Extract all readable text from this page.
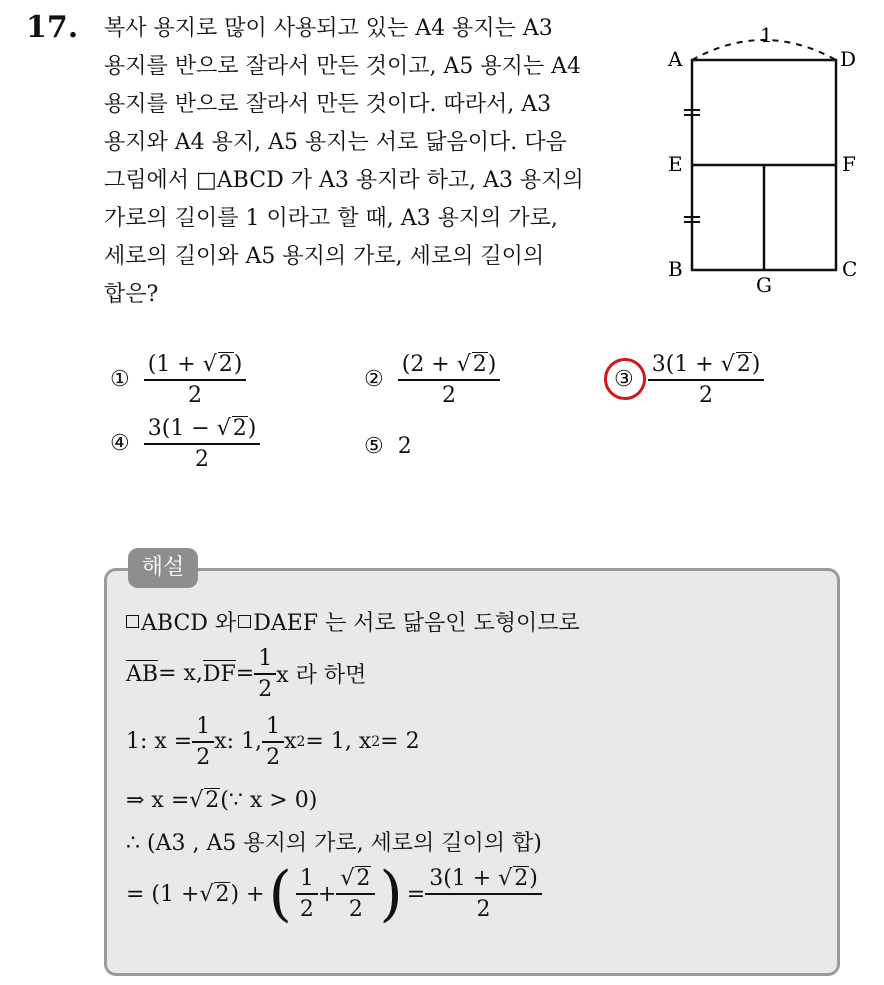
17. 복사 용지로 많이 사용되고 있는 A4 용지는 A3
용지를 반으로 잘라서 만든 것이고, A5 용지는 A4
용지를 반으로 잘라서 만든 것이다. 따라서, A3
용지와 A4 용지, A5 용지는 서로 닮음이다. 다음
그림에서 □ABCD 가 A3 용지라 하고, A3 용지의
가로의 길이를 1 이라고 할 때, A3 용지의 가로,
세로의 길이와 A5 용지의 가로, 세로의 길이의
합은?
1
A	D
E	F
B	C
G
① $\frac{(1 + √ 2 )}{2}$	② $\frac{(2 + √ 2 )}{2}$	③ $\frac{3(1 + √ 2 )}{2}$
④ $\frac{3(1 - √ 2 )}{2}$	⑤ 2
해설
ABCD 와 DAEF 는 서로 닮음인 도형이므로
AB = x, DF = $\frac{1}{2}$ x 라 하면
1: $x = \frac{1}{2} x$: 1, $\frac{1}{2}$ x 2 = 1, x 2 = 2
⇒ x = √ 2 (∵ x > 0)
∴ (A3 , A5 용지의 가로, 세로의 길이의 합)
= (1 + √ 2 ) + ( $\frac{1}{2} + \frac{√ 2}{2}$ ) = $\frac{3(1 + √ 2 )}{2}$
